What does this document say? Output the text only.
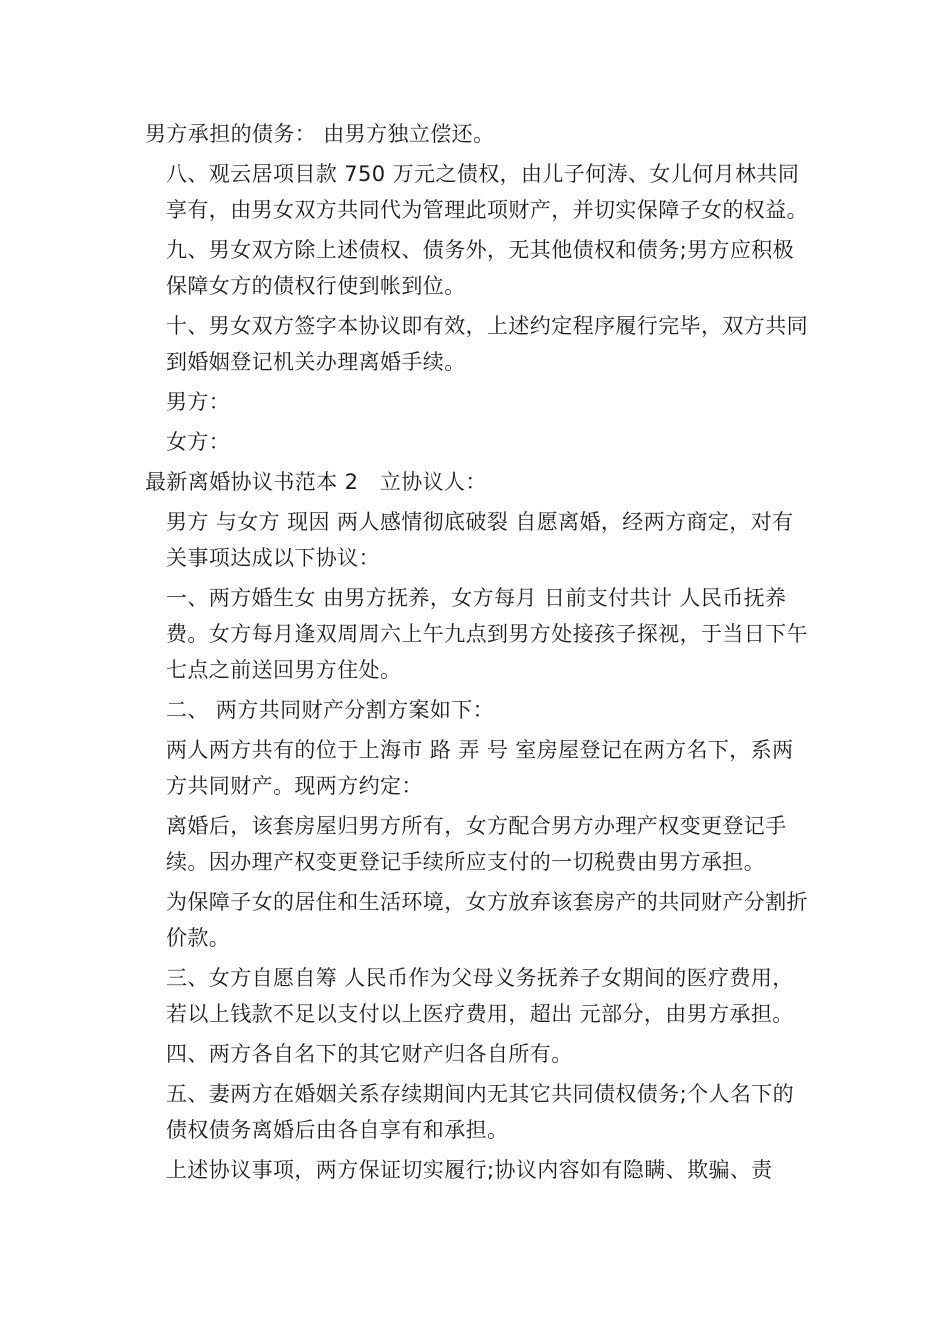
男方承担的债务： 由男方独立偿还。

八、观云居项目款 750 万元之债权，由儿子何涛、女儿何月林共同享有，由男女双方共同代为管理此项财产，并切实保障子女的权益。

九、男女双方除上述债权、债务外，无其他债权和债务;男方应积极保障女方的债权行使到帐到位。

十、男女双方签字本协议即有效，上述约定程序履行完毕，双方共同到婚姻登记机关办理离婚手续。

男方：

女方：

最新离婚协议书范本 2　立协议人：

男方 与女方 现因 两人感情彻底破裂 自愿离婚，经两方商定，对有关事项达成以下协议：

一、两方婚生女 由男方抚养，女方每月 日前支付共计 人民币抚养费。女方每月逢双周周六上午九点到男方处接孩子探视，于当日下午七点之前送回男方住处。

二、 两方共同财产分割方案如下：

两人两方共有的位于上海市 路 弄 号 室房屋登记在两方名下，系两方共同财产。现两方约定：

离婚后，该套房屋归男方所有，女方配合男方办理产权变更登记手续。因办理产权变更登记手续所应支付的一切税费由男方承担。

为保障子女的居住和生活环境，女方放弃该套房产的共同财产分割折价款。

三、女方自愿自筹 人民币作为父母义务抚养子女期间的医疗费用，若以上钱款不足以支付以上医疗费用，超出 元部分，由男方承担。

四、两方各自名下的其它财产归各自所有。

五、妻两方在婚姻关系存续期间内无其它共同债权债务;个人名下的债权债务离婚后由各自享有和承担。

上述协议事项，两方保证切实履行;协议内容如有隐瞒、欺骗、责
